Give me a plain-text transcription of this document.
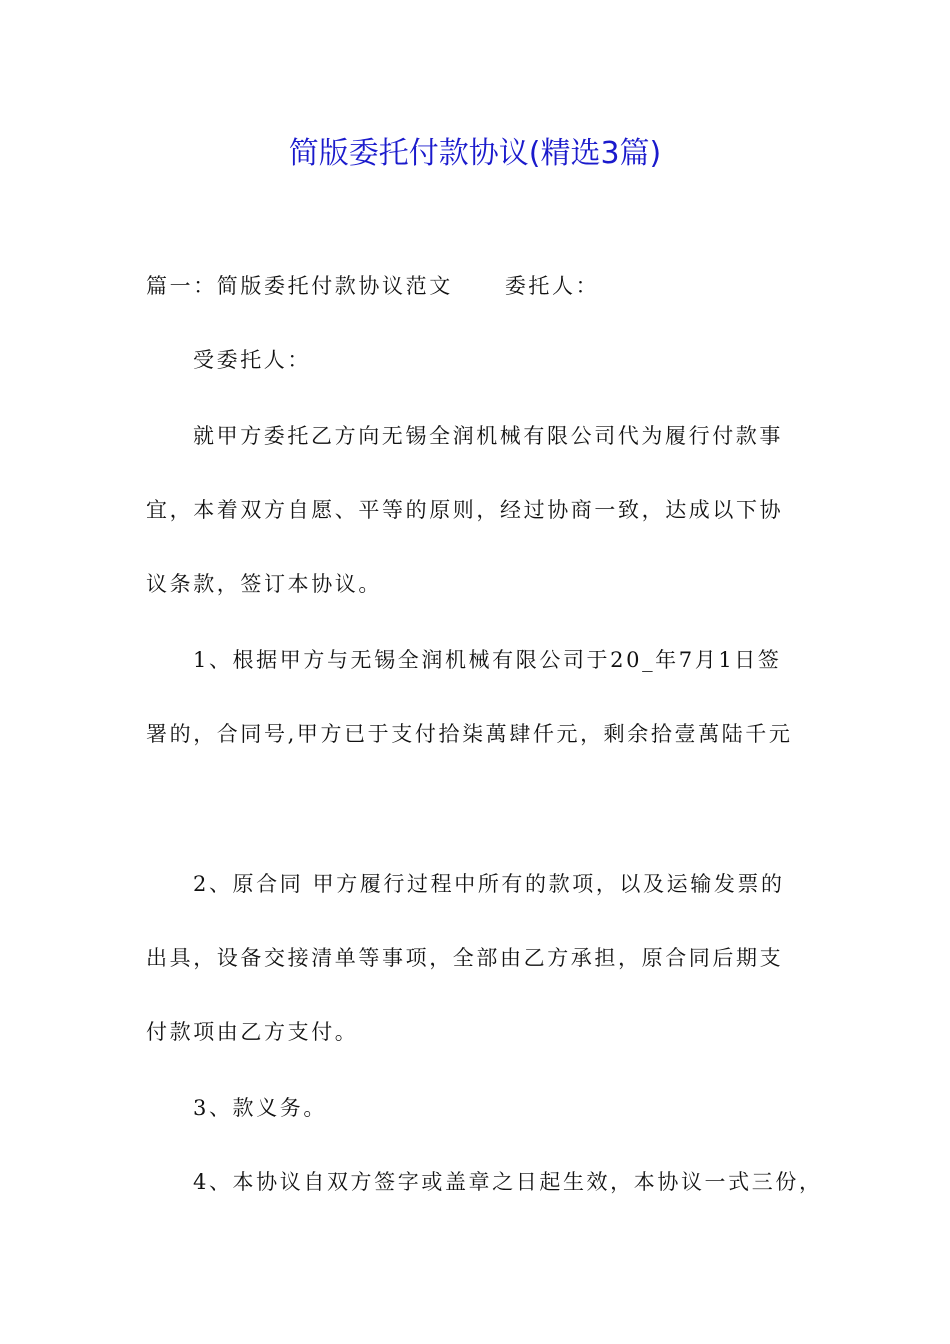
简版委托付款协议(精选3篇)
篇一：简版委托付款协议范文 委托人：
受委托人：
就甲方委托乙方向无锡全润机械有限公司代为履行付款事
宜，本着双方自愿、平等的原则，经过协商一致，达成以下协
议条款，签订本协议。
1、根据甲方与无锡全润机械有限公司于20_年7月1日签
署的，合同号,甲方已于支付拾柒萬肆仟元，剩余拾壹萬陆千元
2、原合同 甲方履行过程中所有的款项，以及运输发票的
出具，设备交接清单等事项，全部由乙方承担，原合同后期支
付款项由乙方支付。
3、款义务。
4、本协议自双方签字或盖章之日起生效，本协议一式三份，
